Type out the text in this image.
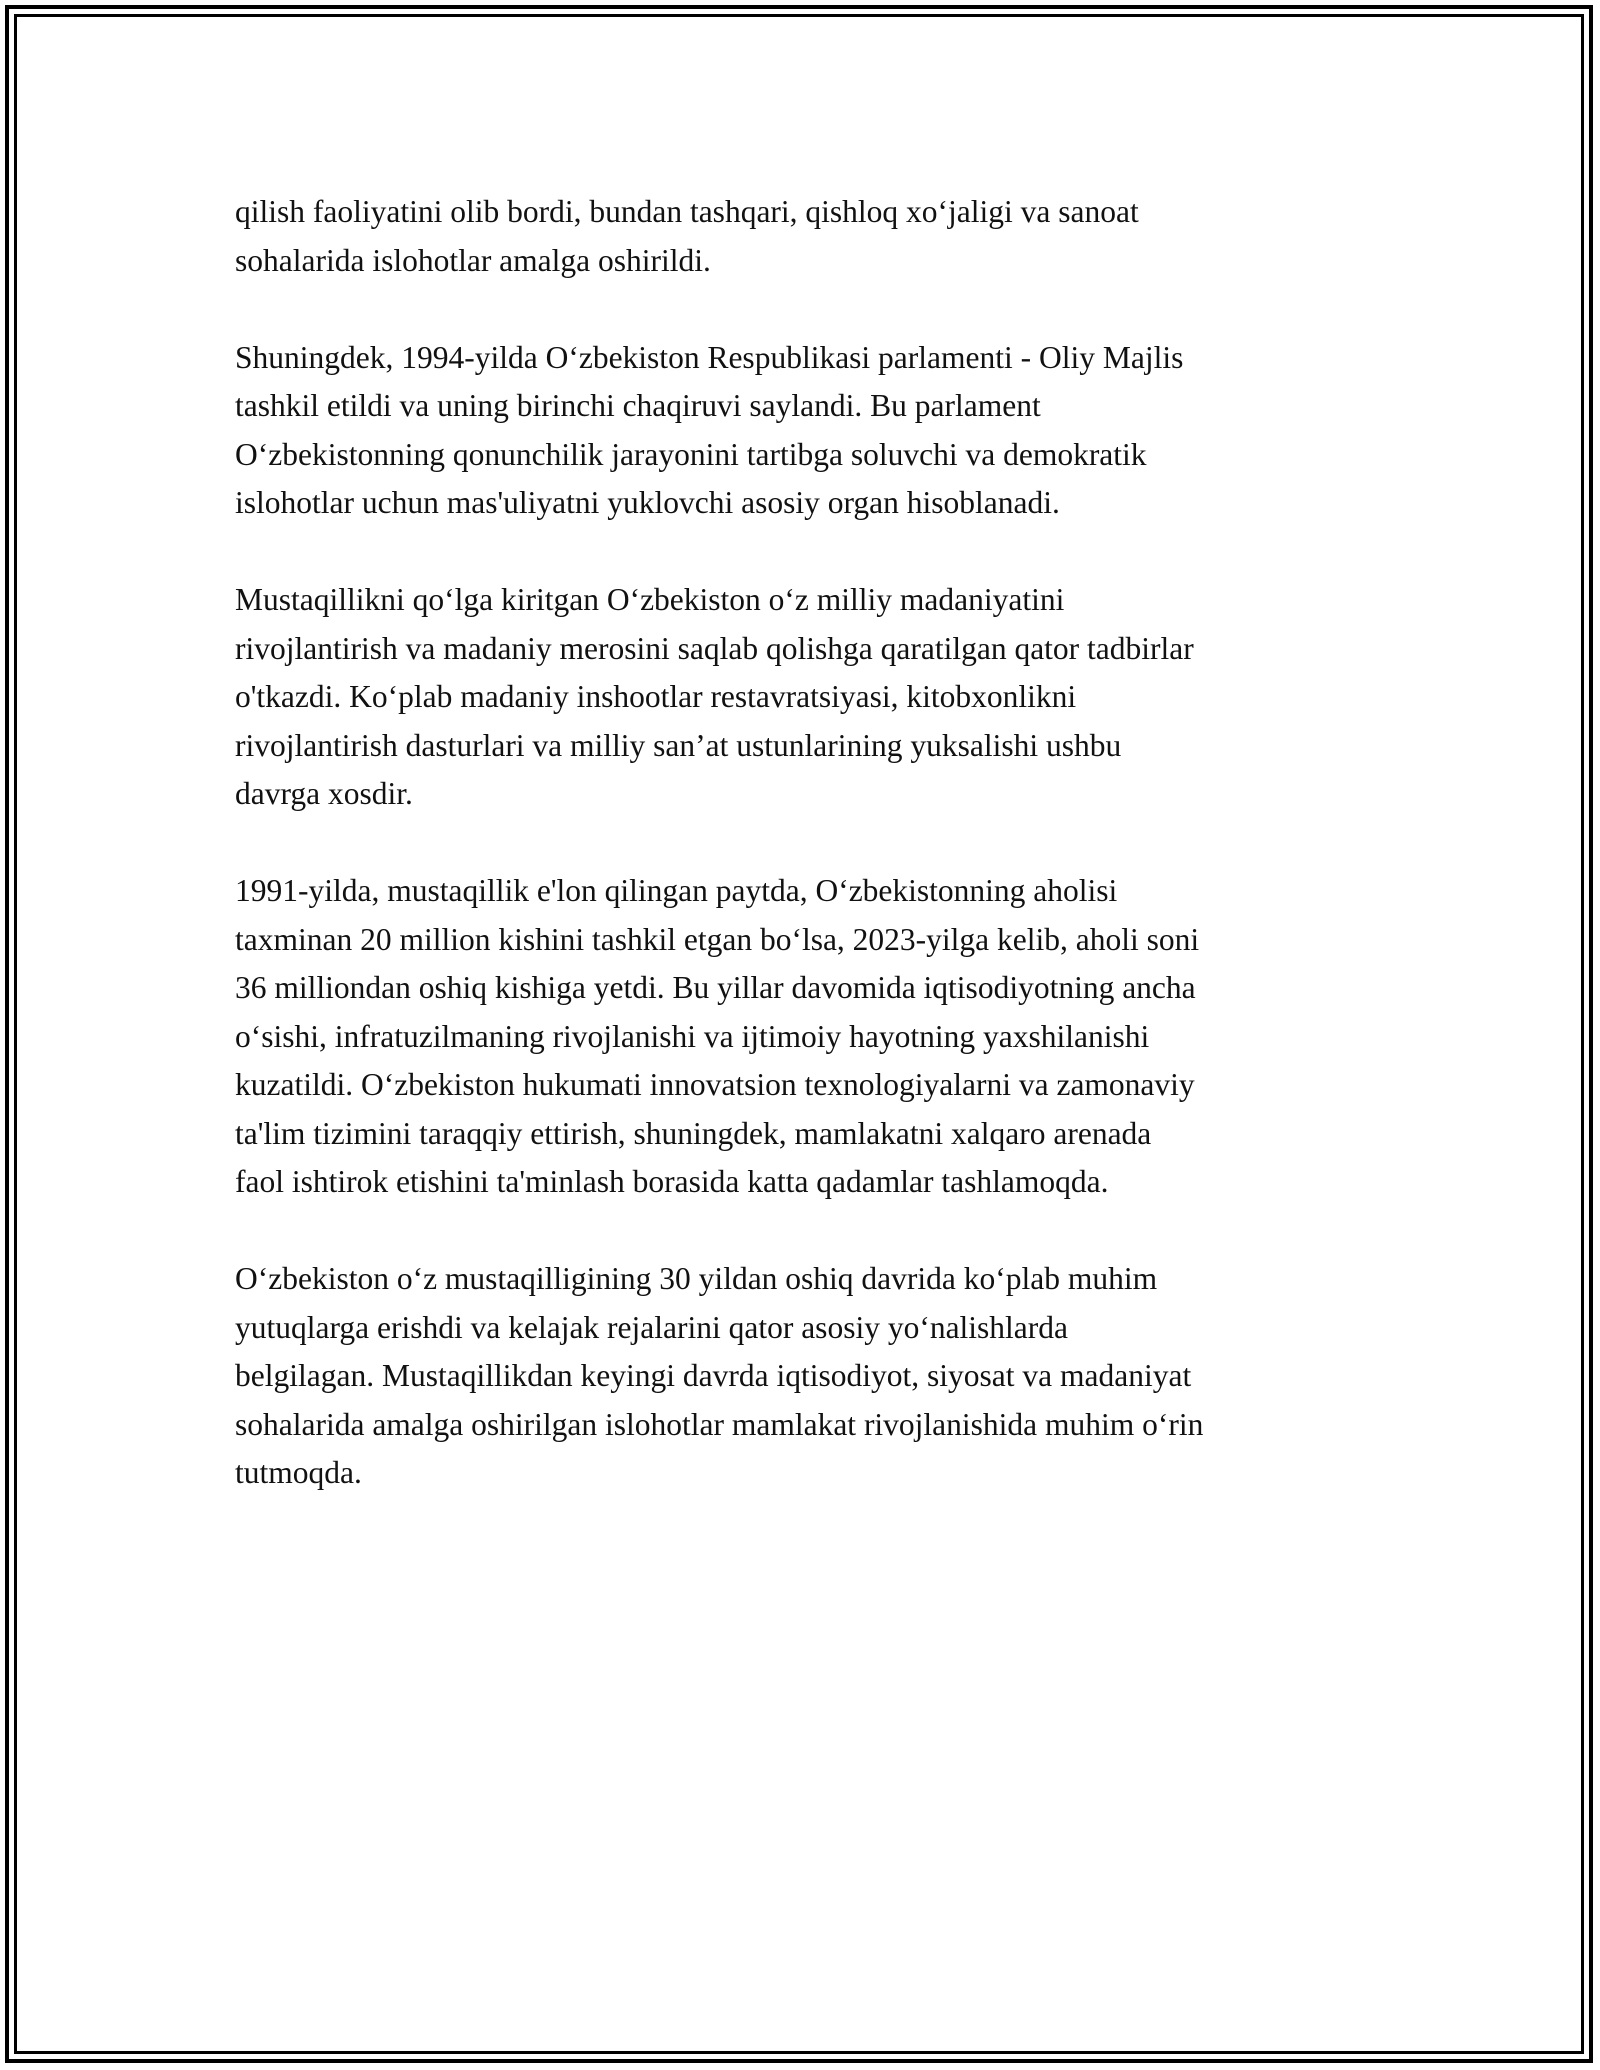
qilish faoliyatini olib bordi, bundan tashqari, qishloq xo‘jaligi va sanoat
sohalarida islohotlar amalga oshirildi.

Shuningdek, 1994-yilda O‘zbekiston Respublikasi parlamenti - Oliy Majlis
tashkil etildi va uning birinchi chaqiruvi saylandi. Bu parlament
O‘zbekistonning qonunchilik jarayonini tartibga soluvchi va demokratik
islohotlar uchun mas'uliyatni yuklovchi asosiy organ hisoblanadi.

Mustaqillikni qo‘lga kiritgan O‘zbekiston o‘z milliy madaniyatini
rivojlantirish va madaniy merosini saqlab qolishga qaratilgan qator tadbirlar
o'tkazdi. Ko‘plab madaniy inshootlar restavratsiyasi, kitobxonlikni
rivojlantirish dasturlari va milliy san’at ustunlarining yuksalishi ushbu
davrga xosdir.

1991-yilda, mustaqillik e'lon qilingan paytda, O‘zbekistonning aholisi
taxminan 20 million kishini tashkil etgan bo‘lsa, 2023-yilga kelib, aholi soni
36 milliondan oshiq kishiga yetdi. Bu yillar davomida iqtisodiyotning ancha
o‘sishi, infratuzilmaning rivojlanishi va ijtimoiy hayotning yaxshilanishi
kuzatildi. O‘zbekiston hukumati innovatsion texnologiyalarni va zamonaviy
ta'lim tizimini taraqqiy ettirish, shuningdek, mamlakatni xalqaro arenada
faol ishtirok etishini ta'minlash borasida katta qadamlar tashlamoqda.

O‘zbekiston o‘z mustaqilligining 30 yildan oshiq davrida ko‘plab muhim
yutuqlarga erishdi va kelajak rejalarini qator asosiy yo‘nalishlarda
belgilagan. Mustaqillikdan keyingi davrda iqtisodiyot, siyosat va madaniyat
sohalarida amalga oshirilgan islohotlar mamlakat rivojlanishida muhim o‘rin
tutmoqda.
